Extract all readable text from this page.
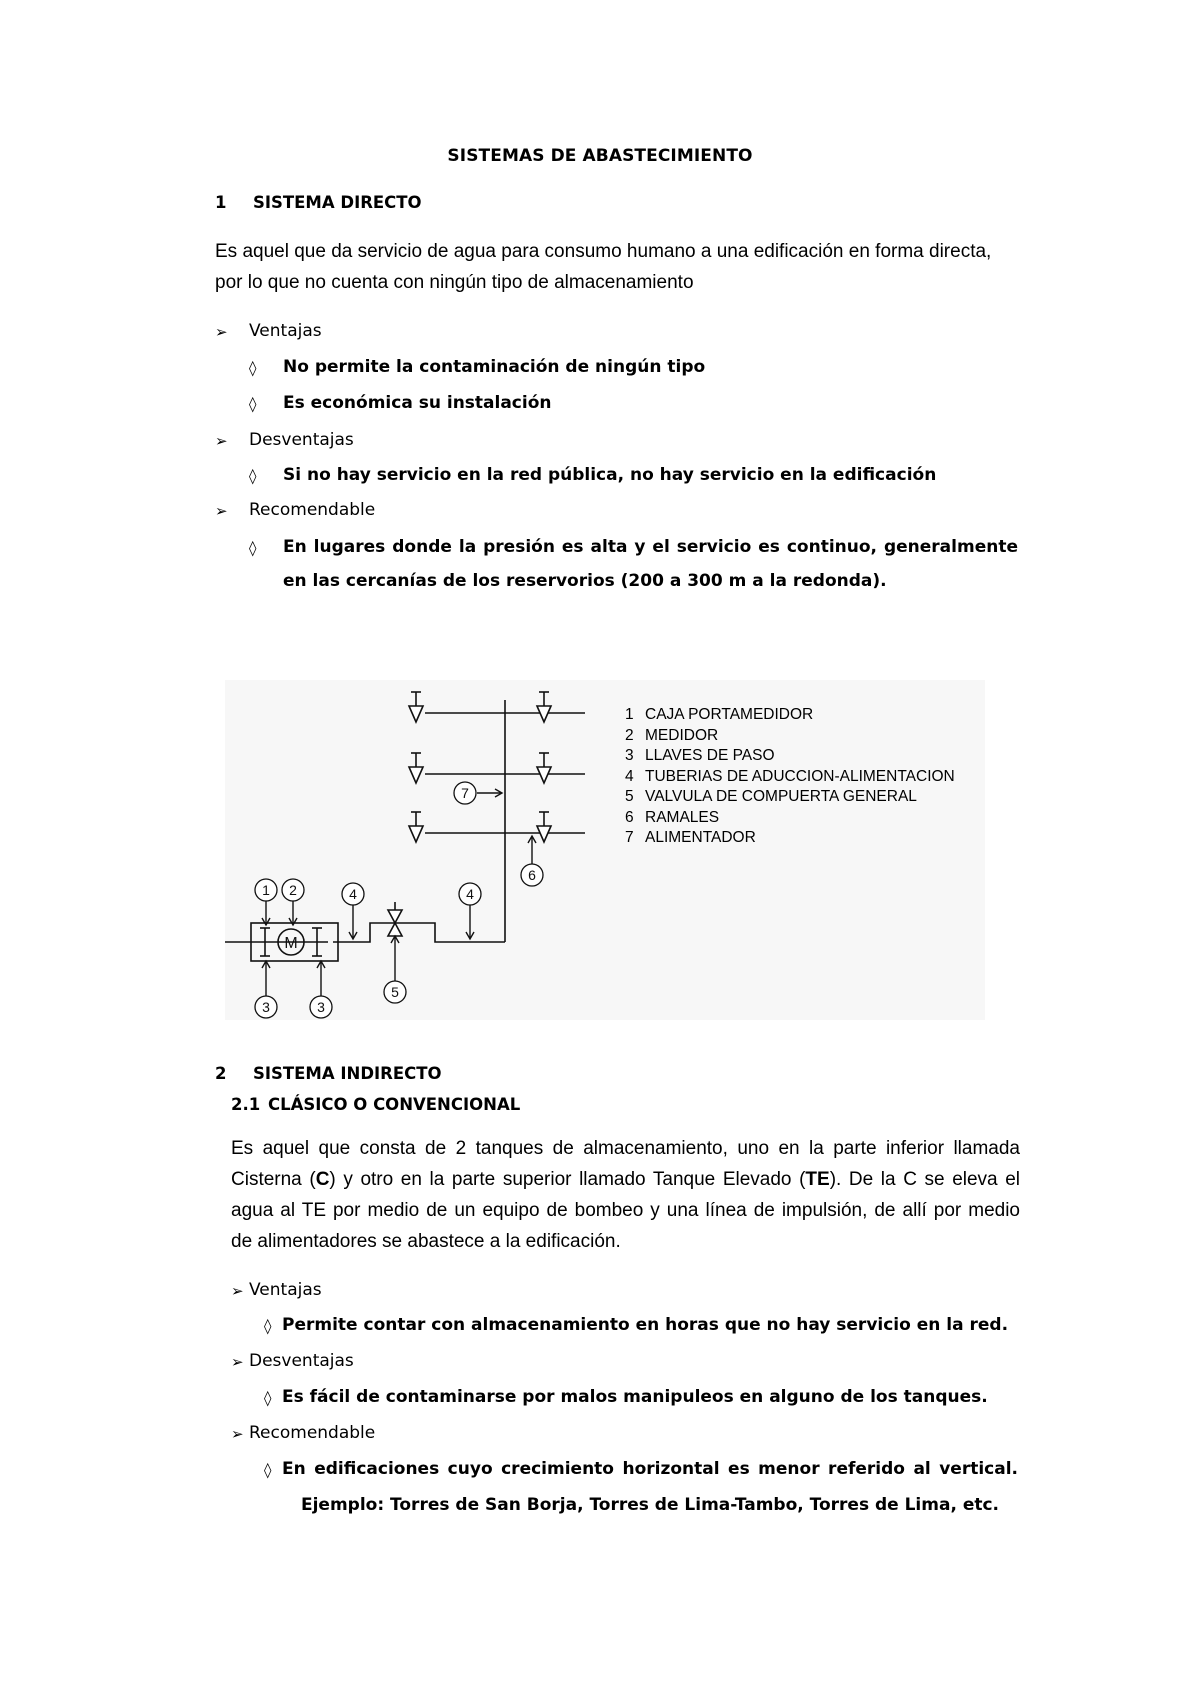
SISTEMAS DE ABASTECIMIENTO
1 SISTEMA DIRECTO
Es aquel que da servicio de agua para consumo humano a una edificación en forma directa,
por lo que no cuenta con ningún tipo de almacenamiento
➢ Ventajas
◊ No permite la contaminación de ningún tipo
◊ Es económica su instalación
➢ Desventajas
◊ Si no hay servicio en la red pública, no hay servicio en la edificación
➢ Recomendable
◊ En lugares donde la presión es alta y el servicio es continuo, generalmente
en las cercanías de los reservorios (200 a 300 m a la redonda).
M
1 2
3	3
4	4
5
6
7
1 CAJA PORTAMEDIDOR
2 MEDIDOR
3 LLAVES DE PASO
4 TUBERIAS DE ADUCCION-ALIMENTACION
5 VALVULA DE COMPUERTA GENERAL
6 RAMALES
7 ALIMENTADOR
2 SISTEMA INDIRECTO
2.1 CLÁSICO O CONVENCIONAL
Es aquel que consta de 2 tanques de almacenamiento, uno en la parte inferior llamada
Cisterna (C) y otro en la parte superior llamado Tanque Elevado (TE). De la C se eleva el
agua al TE por medio de un equipo de bombeo y una línea de impulsión, de allí por medio
de alimentadores se abastece a la edificación.
➢ Ventajas
◊ Permite contar con almacenamiento en horas que no hay servicio en la red.
➢ Desventajas
◊ Es fácil de contaminarse por malos manipuleos en alguno de los tanques.
➢ Recomendable
◊ En edificaciones cuyo crecimiento horizontal es menor referido al vertical.
Ejemplo: Torres de San Borja, Torres de Lima-Tambo, Torres de Lima, etc.
